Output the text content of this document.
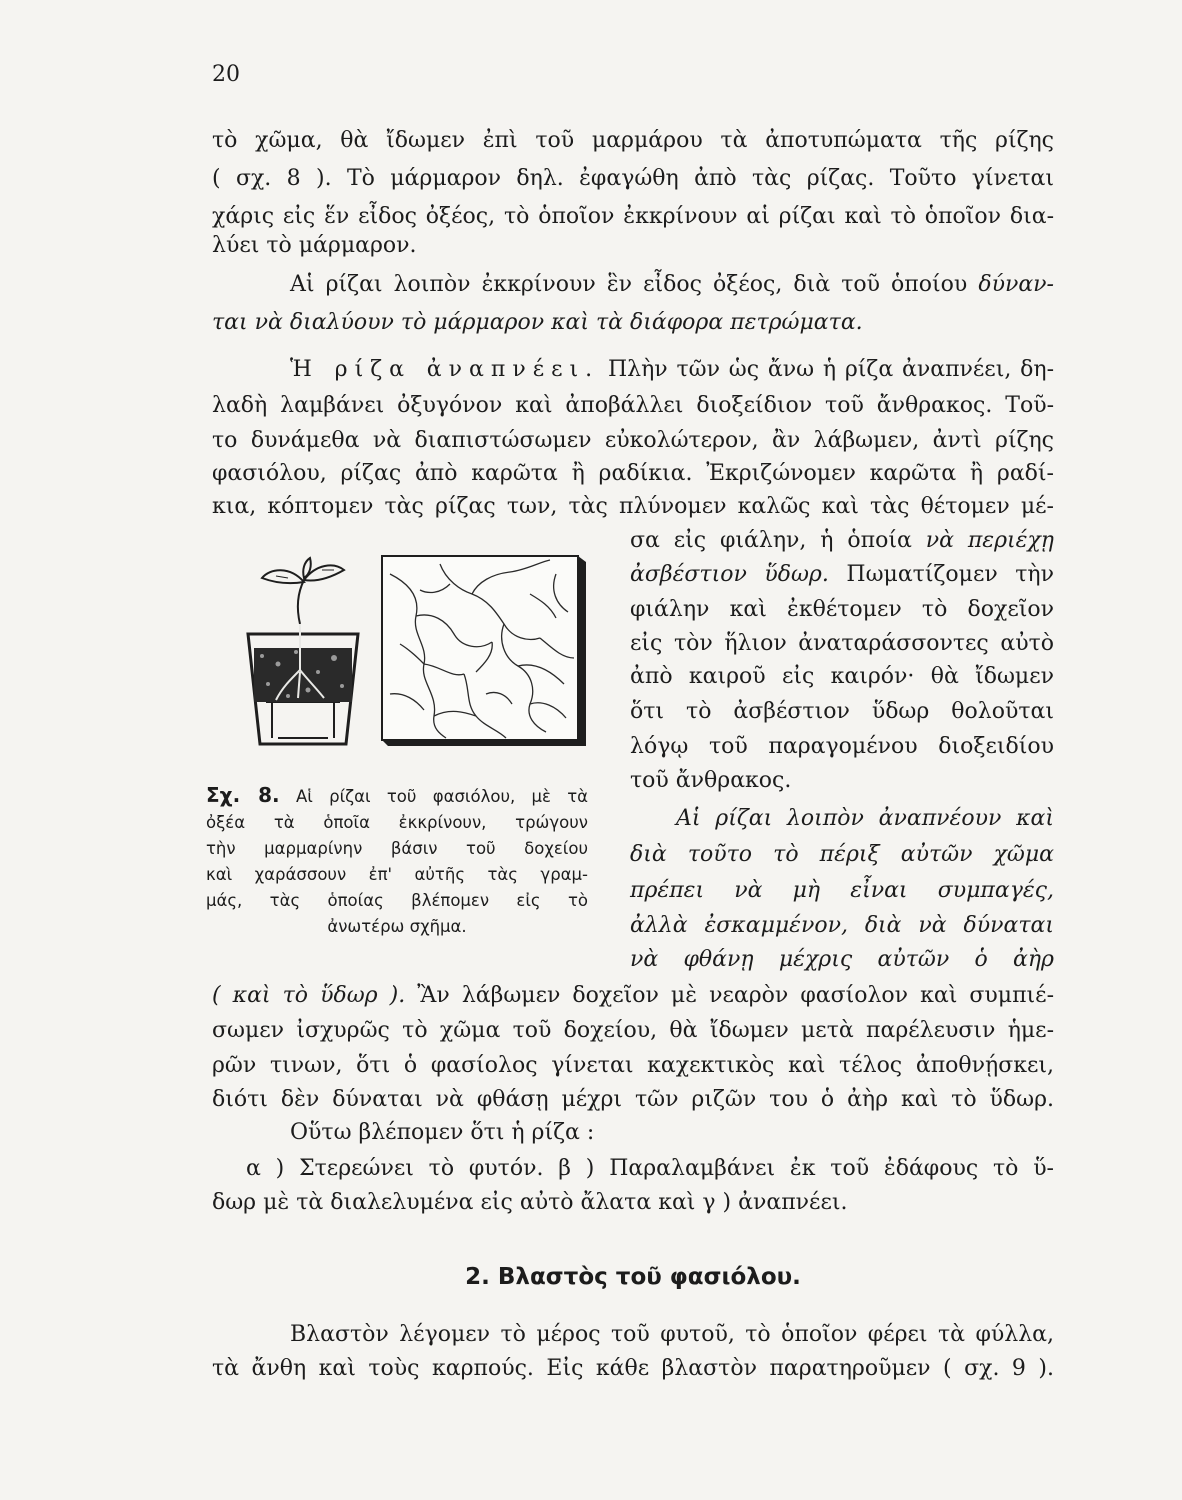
20
τὸ χῶμα, θὰ ἴδωμεν ἐπὶ τοῦ μαρμάρου τὰ ἀποτυπώματα τῆς ρίζης
( σχ. 8 ). Τὸ μάρμαρον δηλ. ἐφαγώθη ἀπὸ τὰς ρίζας. Τοῦτο γίνεται
χάρις εἰς ἕν εἶδος ὀξέος, τὸ ὁποῖον ἐκκρίνουν αἱ ρίζαι καὶ τὸ ὁποῖον δια-
λύει τὸ μάρμαρον.
Αἱ ρίζαι λοιπὸν ἐκκρίνουν ἓν εἶδος ὀξέος, διὰ τοῦ ὁποίου δύναν-
ται νὰ διαλύουν τὸ μάρμαρον καὶ τὰ διάφορα πετρώματα.
Ἡ ρίζα ἀναπνέει. Πλὴν τῶν ὡς ἄνω ἡ ρίζα ἀναπνέει, δη-
λαδὴ λαμβάνει ὀξυγόνον καὶ ἀποβάλλει διοξείδιον τοῦ ἄνθρακος. Τοῦ-
το δυνάμεθα νὰ διαπιστώσωμεν εὐκολώτερον, ἂν λάβωμεν, ἀντὶ ρίζης
φασιόλου, ρίζας ἀπὸ καρῶτα ἢ ραδίκια. Ἐκριζώνομεν καρῶτα ἢ ραδί-
κια, κόπτομεν τὰς ρίζας των, τὰς πλύνομεν καλῶς καὶ τὰς θέτομεν μέ-
σα εἰς φιάλην, ἡ ὁποία νὰ περιέχῃ
ἀσβέστιον ὕδωρ. Πωματίζομεν τὴν
φιάλην καὶ ἐκθέτομεν τὸ δοχεῖον
εἰς τὸν ἥλιον ἀναταράσσοντες αὐτὸ
ἀπὸ καιροῦ εἰς καιρόν· θὰ ἴδωμεν
ὅτι τὸ ἀσβέστιον ὕδωρ θολοῦται
λόγῳ τοῦ παραγομένου διοξειδίου
τοῦ ἄνθρακος.
Αἱ ρίζαι λοιπὸν ἀναπνέουν καὶ
διὰ τοῦτο τὸ πέριξ αὐτῶν χῶμα
πρέπει νὰ μὴ εἶναι συμπαγές,
ἀλλὰ ἐσκαμμένον, διὰ νὰ δύναται
νὰ φθάνῃ μέχρις αὐτῶν ὁ ἀὴρ

Σχ. 8. Αἱ ρίζαι τοῦ φασιόλου, μὲ τὰ

ὀξέα τὰ ὁποῖα ἐκκρίνουν, τρώγουν

τὴν μαρμαρίνην βάσιν τοῦ δοχείου

καὶ χαράσσουν ἐπ' αὐτῆς τὰς γραμ-

μάς, τὰς ὁποίας βλέπομεν εἰς τὸ

ἀνωτέρω σχῆμα.

( καὶ τὸ ὕδωρ ). Ἂν λάβωμεν δοχεῖον μὲ νεαρὸν φασίολον καὶ συμπιέ-
σωμεν ἰσχυρῶς τὸ χῶμα τοῦ δοχείου, θὰ ἴδωμεν μετὰ παρέλευσιν ἡμε-
ρῶν τινων, ὅτι ὁ φασίολος γίνεται καχεκτικὸς καὶ τέλος ἀποθνῄσκει,
διότι δὲν δύναται νὰ φθάσῃ μέχρι τῶν ριζῶν του ὁ ἀὴρ καὶ τὸ ὕδωρ.
Οὕτω βλέπομεν ὅτι ἡ ρίζα :
α ) Στερεώνει τὸ φυτόν. β ) Παραλαμβάνει ἐκ τοῦ ἐδάφους τὸ ὕ-
δωρ μὲ τὰ διαλελυμένα εἰς αὐτὸ ἄλατα καὶ γ ) ἀναπνέει.
2. Βλαστὸς τοῦ φασιόλου.
Βλαστὸν λέγομεν τὸ μέρος τοῦ φυτοῦ, τὸ ὁποῖον φέρει τὰ φύλλα,
τὰ ἄνθη καὶ τοὺς καρπούς. Εἰς κάθε βλαστὸν παρατηροῦμεν ( σχ. 9 ).
